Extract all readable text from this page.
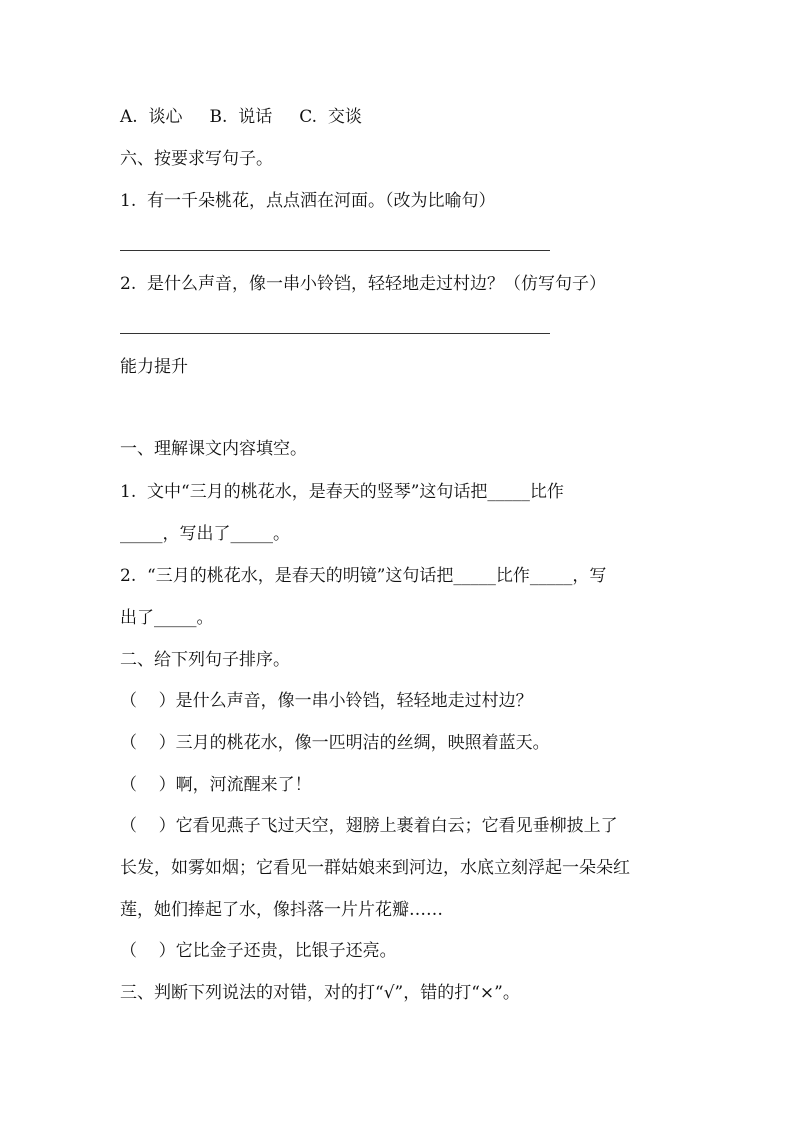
A.  谈心     B.  说话     C.  交谈
六、按要求写句子。
1.  有一千朵桃花，点点洒在河面。（改为比喻句）
2.  是什么声音，像一串小铃铛，轻轻地走过村边？（仿写句子）
能力提升
一、理解课文内容填空。
1.  文中“三月的桃花水，是春天的竖琴”这句话把_____比作
_____，写出了_____。
2.  “三月的桃花水，是春天的明镜”这句话把_____比作_____，写
出了_____。
二、给下列句子排序。
（    ）是什么声音，像一串小铃铛，轻轻地走过村边？
（    ）三月的桃花水，像一匹明洁的丝绸，映照着蓝天。
（    ）啊，河流醒来了！
（    ）它看见燕子飞过天空，翅膀上裹着白云；它看见垂柳披上了
长发，如雾如烟；它看见一群姑娘来到河边，水底立刻浮起一朵朵红
莲，她们捧起了水，像抖落一片片花瓣……
（    ）它比金子还贵，比银子还亮。
三、判断下列说法的对错，对的打“√”，错的打“×”。
